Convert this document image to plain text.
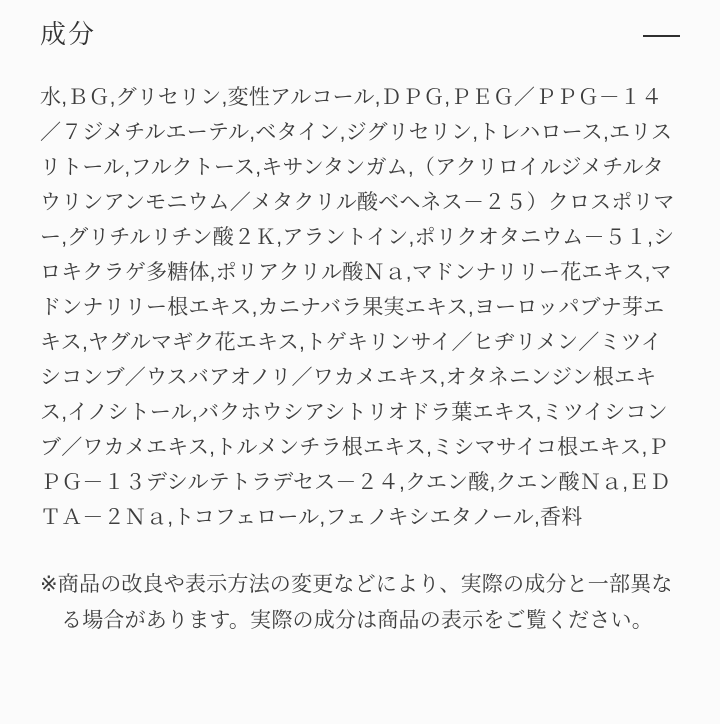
成分

水,ＢＧ,グリセリン,変性アルコール,ＤＰＧ,ＰＥＧ／ＰＰＧ－１４／７ジメチルエーテル,ベタイン,ジグリセリン,トレハロース,エリスリトール,フルクトース,キサンタンガム,（アクリロイルジメチルタウリンアンモニウム／メタクリル酸ベヘネス－２５）クロスポリマー,グリチルリチン酸２Ｋ,アラントイン,ポリクオタニウム－５１,シロキクラゲ多糖体,ポリアクリル酸Ｎａ,マドンナリリー花エキス,マドンナリリー根エキス,カニナバラ果実エキス,ヨーロッパブナ芽エキス,ヤグルマギク花エキス,トゲキリンサイ／ヒヂリメン／ミツイシコンブ／ウスバアオノリ／ワカメエキス,オタネニンジン根エキス,イノシトール,バクホウシアシトリオドラ葉エキス,ミツイシコンブ／ワカメエキス,トルメンチラ根エキス,ミシマサイコ根エキス,ＰＰＧ－１３デシルテトラデセス－２４,クエン酸,クエン酸Ｎａ,ＥＤＴＡ－２Ｎａ,トコフェロール,フェノキシエタノール,香料

※商品の改良や表示方法の変更などにより、実際の成分と一部異なる場合があります。実際の成分は商品の表示をご覧ください。
